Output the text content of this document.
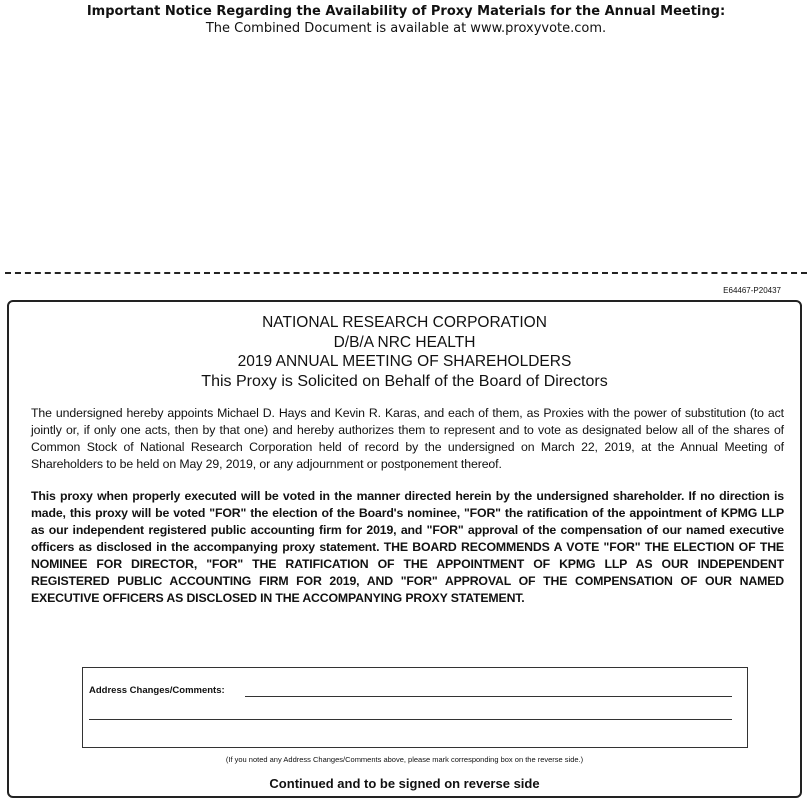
Important Notice Regarding the Availability of Proxy Materials for the Annual Meeting:
The Combined Document is available at www.proxyvote.com.
E64467-P20437
NATIONAL RESEARCH CORPORATION
D/B/A NRC HEALTH
2019 ANNUAL MEETING OF SHAREHOLDERS
This Proxy is Solicited on Behalf of the Board of Directors
The undersigned hereby appoints Michael D. Hays and Kevin R. Karas, and each of them, as Proxies with the power of substitution (to act jointly or, if only one acts, then by that one) and hereby authorizes them to represent and to vote as designated below all of the shares of Common Stock of National Research Corporation held of record by the undersigned on March 22, 2019, at the Annual Meeting of Shareholders to be held on May 29, 2019, or any adjournment or postponement thereof.
This proxy when properly executed will be voted in the manner directed herein by the undersigned shareholder. If no direction is made, this proxy will be voted "FOR" the election of the Board's nominee, "FOR" the ratification of the appointment of KPMG LLP as our independent registered public accounting firm for 2019, and "FOR" approval of the compensation of our named executive officers as disclosed in the accompanying proxy statement. THE BOARD RECOMMENDS A VOTE "FOR" THE ELECTION OF THE NOMINEE FOR DIRECTOR, "FOR" THE RATIFICATION OF THE APPOINTMENT OF KPMG LLP AS OUR INDEPENDENT REGISTERED PUBLIC ACCOUNTING FIRM FOR 2019, AND "FOR" APPROVAL OF THE COMPENSATION OF OUR NAMED EXECUTIVE OFFICERS AS DISCLOSED IN THE ACCOMPANYING PROXY STATEMENT.
Address Changes/Comments:
(If you noted any Address Changes/Comments above, please mark corresponding box on the reverse side.)
Continued and to be signed on reverse side
